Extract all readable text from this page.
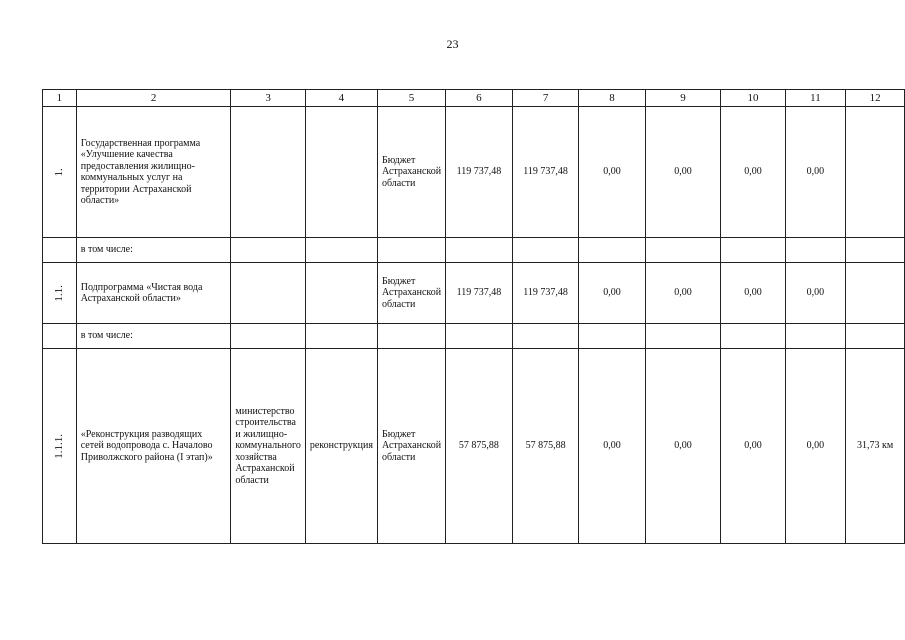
23
1	2	3	4	5	6	7	8	9	10	11	12
1.	Государственная программа «Улучшение качества предоставления жилищно-коммунальных услуг на территории Астраханской области»			Бюджет Астраханской области	119 737,48	119 737,48	0,00	0,00	0,00	0,00	
	в том числе:										
1.1.	Подпрограмма «Чистая вода Астраханской области»			Бюджет Астраханской области	119 737,48	119 737,48	0,00	0,00	0,00	0,00	
	в том числе:										
1.1.1.	«Реконструкция разводящих сетей водопровода с. Началово Приволжского района (I этап)»	министерство строительства и жилищно-коммунального хозяйства Астраханской области	реконструкция	Бюджет Астраханской области	57 875,88	57 875,88	0,00	0,00	0,00	0,00	31,73 км
